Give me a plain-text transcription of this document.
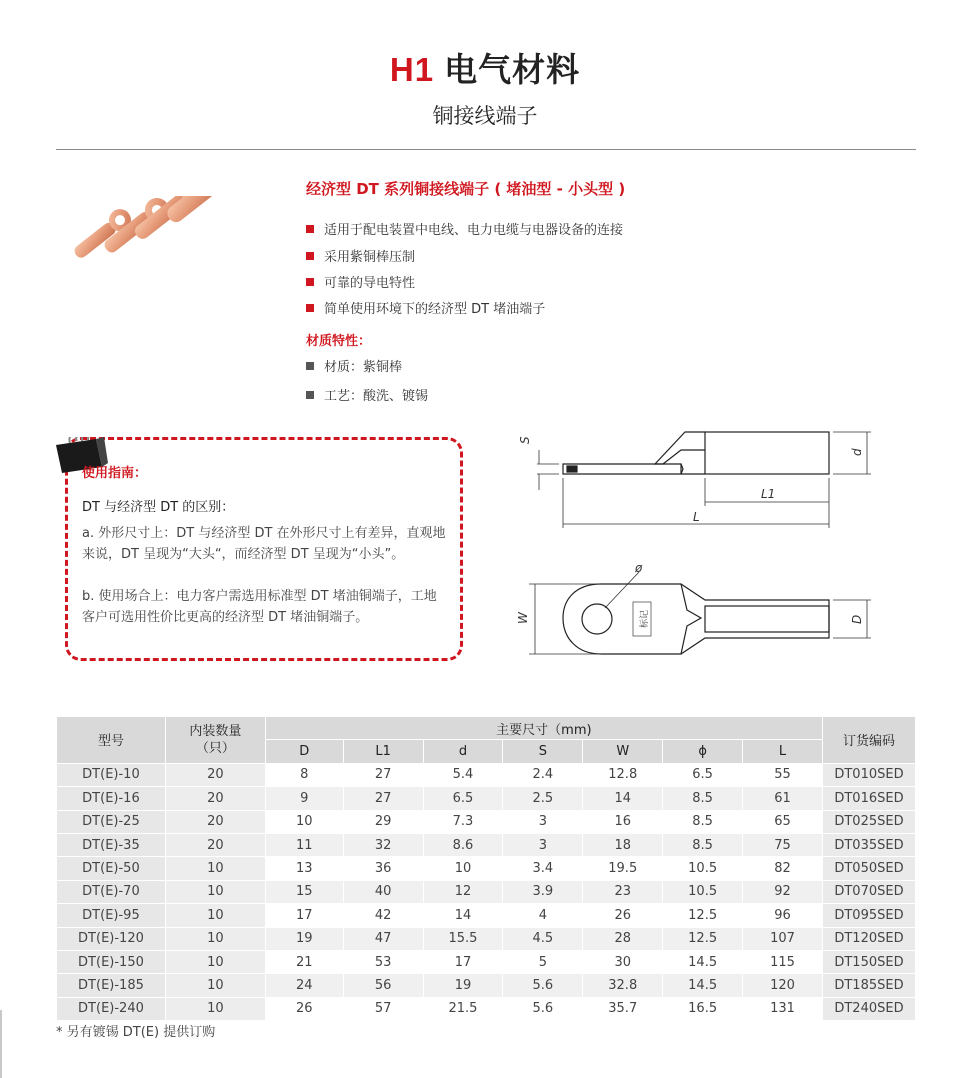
H1 电气材料
铜接线端子
经济型 DT 系列铜接线端子 ( 堵油型 - 小头型 )
适用于配电装置中电线、电力电缆与电器设备的连接
采用紫铜棒压制
可靠的导电特性
简单使用环境下的经济型 DT 堵油端子
材质特性：
材质：紫铜棒
工艺：酸洗、镀锡
使用指南：
DT 与经济型 DT 的区别：
a. 外形尺寸上：DT 与经济型 DT 在外形尺寸上有差异，直观地来说，DT 呈现为“大头“，而经济型 DT 呈现为“小头”。
b. 使用场合上：电力客户需选用标准型 DT 堵油铜端子，工地客户可选用性价比更高的经济型 DT 堵油铜端子。
S
d
L1
L
标记
ø
W	D
型号	内装数量
（只）	主要尺寸（mm)							订货编码
		D	L1	d	S	W	ϕ	L	
DT(E)-10	20	8	27	5.4	2.4	12.8	6.5	55	DT010SED
DT(E)-16	20	9	27	6.5	2.5	14	8.5	61	DT016SED
DT(E)-25	20	10	29	7.3	3	16	8.5	65	DT025SED
DT(E)-35	20	11	32	8.6	3	18	8.5	75	DT035SED
DT(E)-50	10	13	36	10	3.4	19.5	10.5	82	DT050SED
DT(E)-70	10	15	40	12	3.9	23	10.5	92	DT070SED
DT(E)-95	10	17	42	14	4	26	12.5	96	DT095SED
DT(E)-120	10	19	47	15.5	4.5	28	12.5	107	DT120SED
DT(E)-150	10	21	53	17	5	30	14.5	115	DT150SED
DT(E)-185	10	24	56	19	5.6	32.8	14.5	120	DT185SED
DT(E)-240	10	26	57	21.5	5.6	35.7	16.5	131	DT240SED
* 另有镀锡 DT(E) 提供订购
